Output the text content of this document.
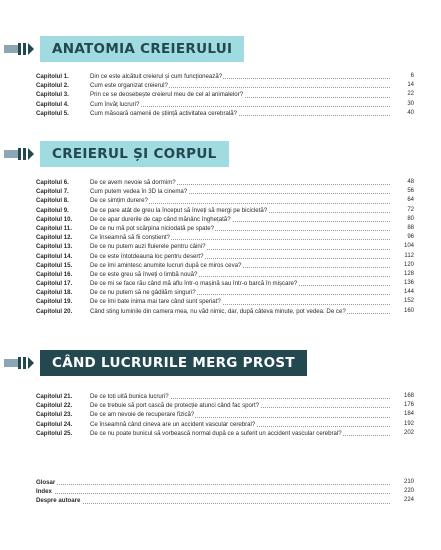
ANATOMIA CREIERULUI
Capitolul 1.	Din ce este alcătuit creierul și cum funcționează?	6
Capitolul 2.	Cum este organizat creierul?	14
Capitolul 3.	Prin ce se deosebește creierul meu de cel al animalelor?	22
Capitolul 4.	Cum învăț lucruri?	30
Capitolul 5.	Cum măsoară oamenii de știință activitatea cerebrală?	40
CREIERUL ȘI CORPUL
Capitolul 6.	De ce avem nevoie să dormim?	48
Capitolul 7.	Cum putem vedea în 3D la cinema?	56
Capitolul 8.	De ce simțim durere?	64
Capitolul 9.	De ce pare atât de greu la început să înveți să mergi pe bicicletă?	72
Capitolul 10.	De ce apar durerile de cap când mănânc înghețată?	80
Capitolul 11.	De ce nu mă pot scărpina niciodată pe spate?	88
Capitolul 12.	Ce înseamnă să fii conștient?	96
Capitolul 13.	De ce nu putem auzi fluierele pentru câini?	104
Capitolul 14.	De ce este întotdeauna loc pentru desert?	112
Capitolul 15.	De ce îmi amintesc anumite lucruri după ce miros ceva?	120
Capitolul 16.	De ce este greu să înveți o limbă nouă?	128
Capitolul 17.	De ce mi se face rău când mă aflu într-o mașină sau într-o barcă în mișcare?	136
Capitolul 18.	De ce nu putem să ne gâdilăm singuri?	144
Capitolul 19.	De ce îmi bate inima mai tare când sunt speriat?	152
Capitolul 20.	Când sting luminile din camera mea, nu văd nimic, dar, după câteva minute, pot vedea. De ce?	160
CÂND LUCRURILE MERG PROST
Capitolul 21.	De ce toți uită bunica lucruri?	168
Capitolul 22.	De ce trebuie să port cască de protecție atunci când fac sport?	176
Capitolul 23.	De ce am nevoie de recuperare fizică?	184
Capitolul 24.	Ce înseamnă când cineva are un accident vascular cerebral?	192
Capitolul 25.	De ce nu poate bunicul să vorbească normal după ce a suferit un accident vascular cerebral?	202
Glosar	210
Index	220
Despre autoare	224
